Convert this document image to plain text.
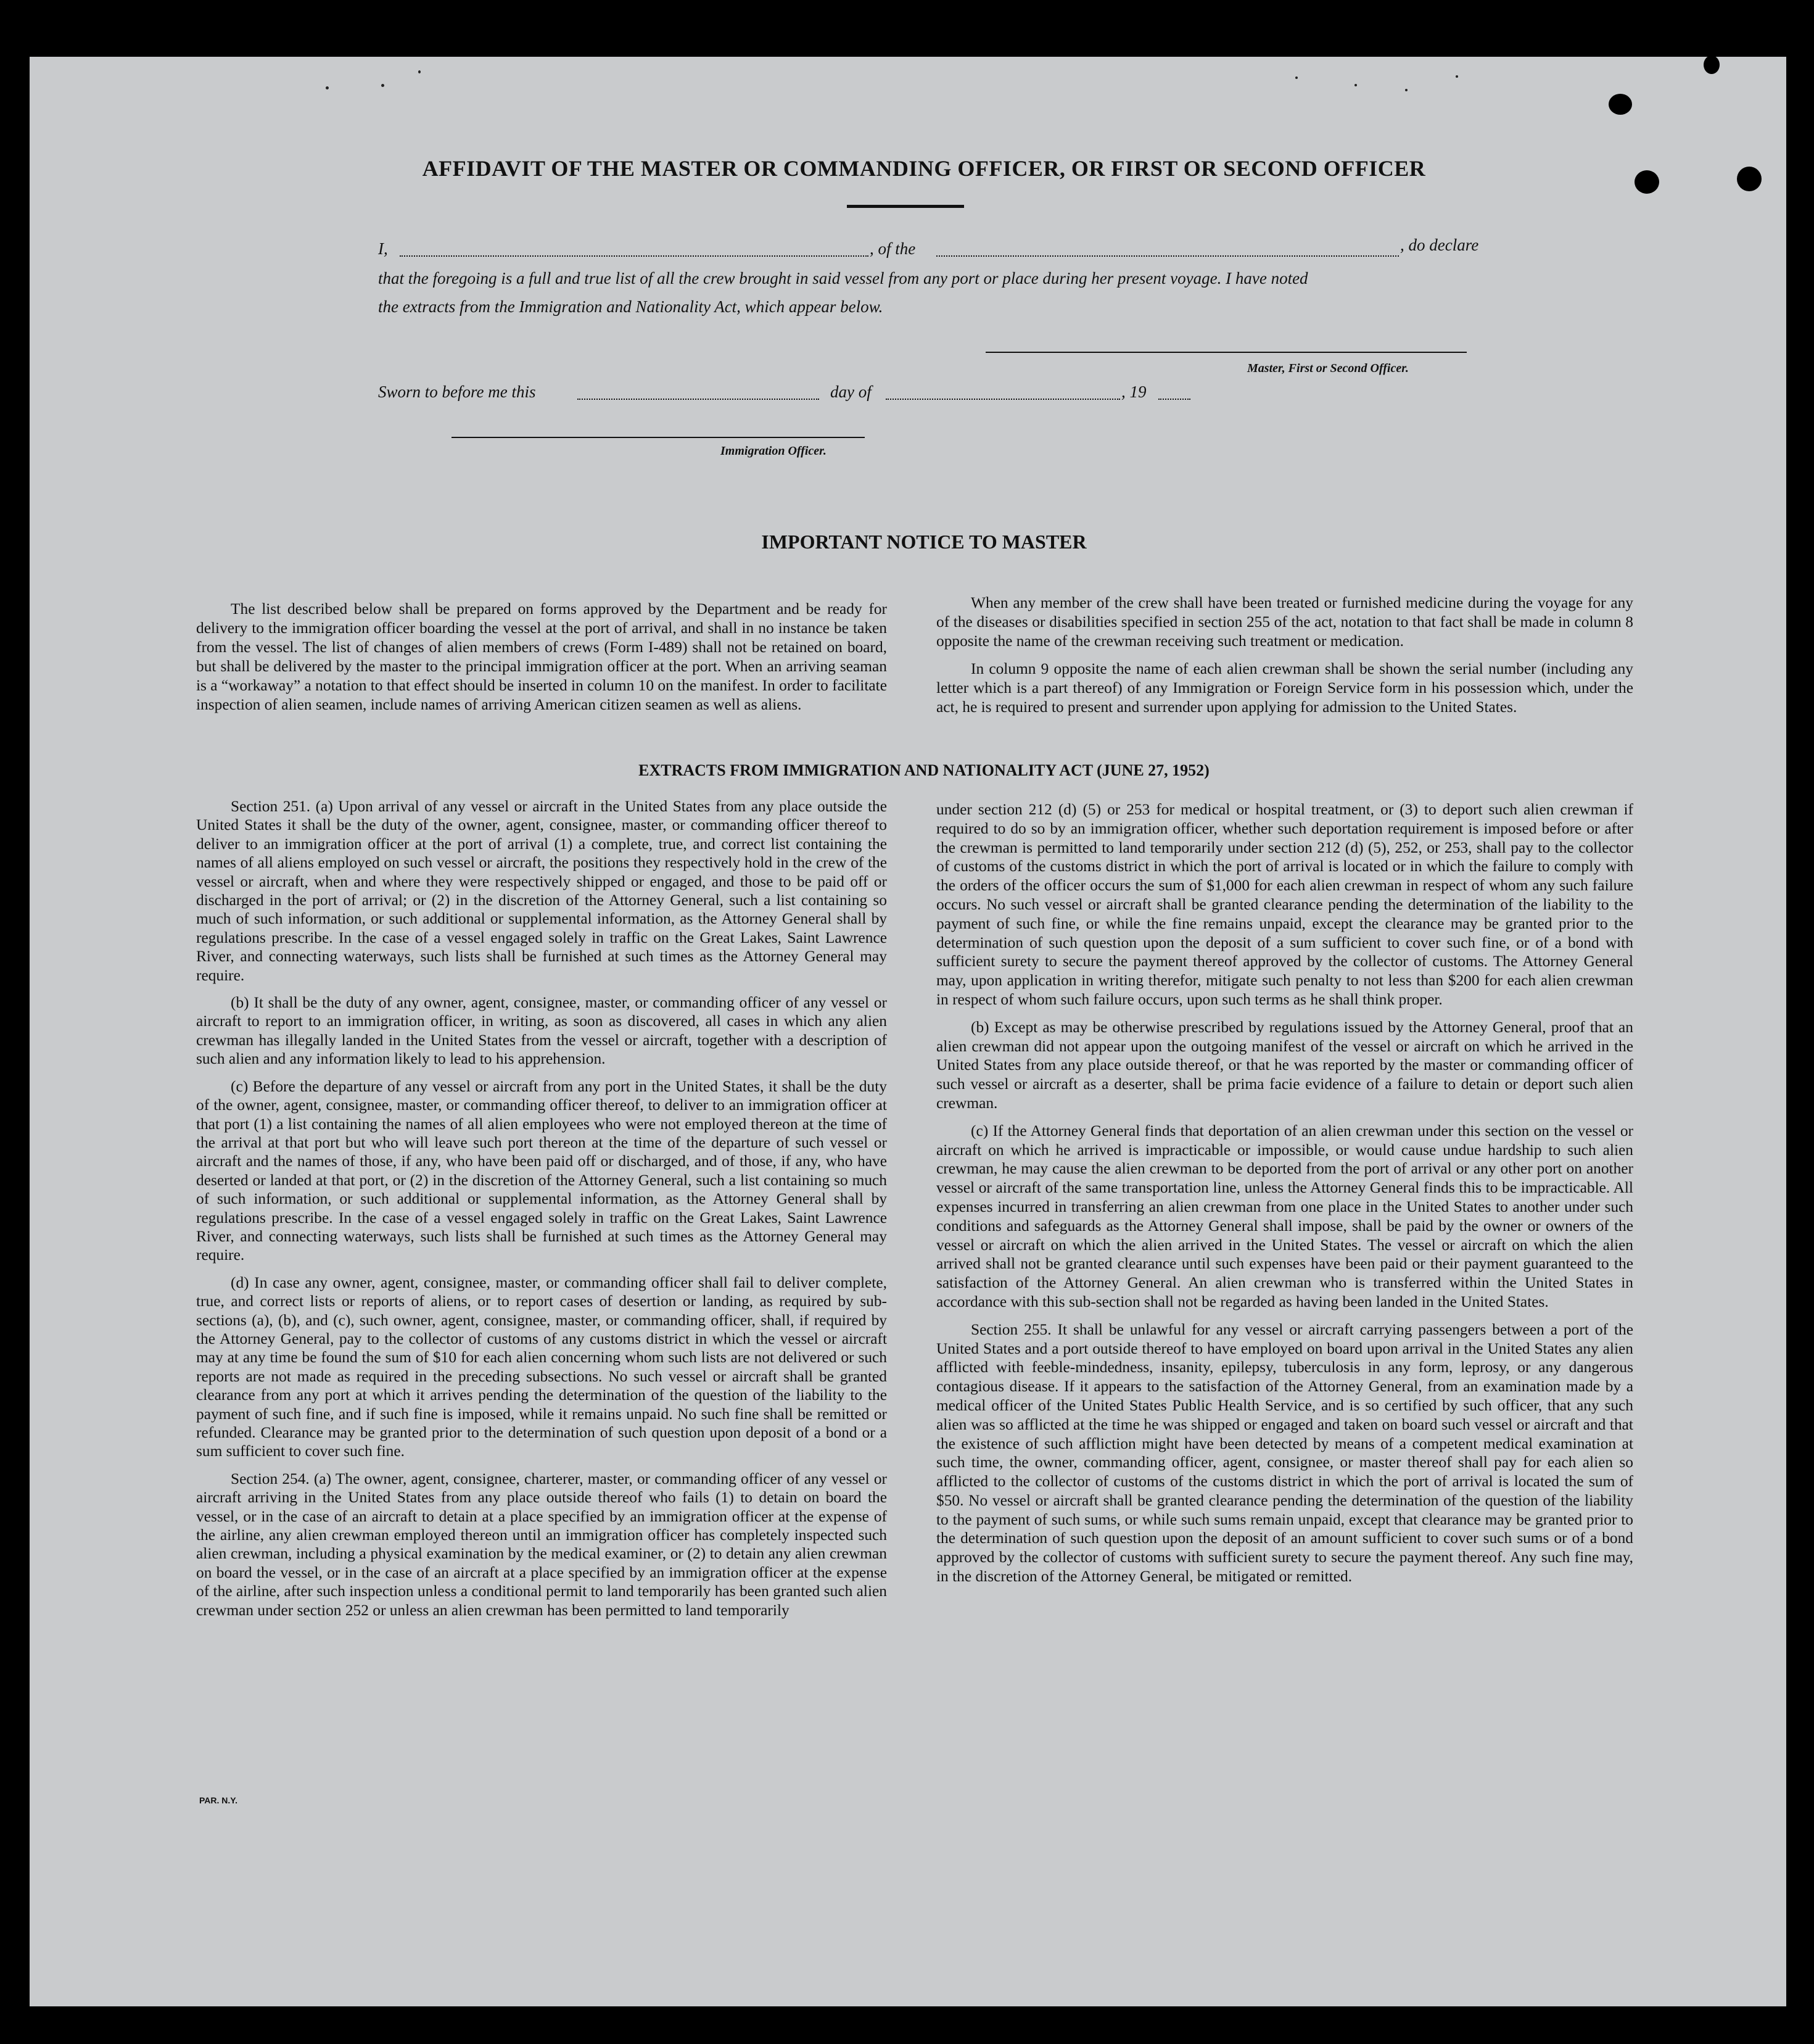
AFFIDAVIT OF THE MASTER OR COMMANDING OFFICER, OR FIRST OR SECOND OFFICER
I,	, of the	, do declare
that the foregoing is a full and true list of all the crew brought in said vessel from any port or place during her present voyage. I have noted
the extracts from the Immigration and Nationality Act, which appear below.
Master, First or Second Officer.
Sworn to before me this	day of	, 19
Immigration Officer.
IMPORTANT NOTICE TO MASTER

The list described below shall be prepared on forms approved by the Department and be ready for delivery to the immigration officer boarding the vessel at the port of arrival, and shall in no instance be taken from the vessel. The list of changes of alien members of crews (Form I-489) shall not be retained on board, but shall be delivered by the master to the principal immigration officer at the port. When an arriving seaman is a “workaway” a notation to that effect should be inserted in column 10 on the manifest. In order to facilitate inspection of alien seamen, include names of arriving American citizen seamen as well as aliens.

When any member of the crew shall have been treated or furnished medicine during the voyage for any of the diseases or disabilities specified in section 255 of the act, notation to that fact shall be made in column 8 opposite the name of the crewman receiving such treatment or medication.

In column 9 opposite the name of each alien crewman shall be shown the serial number (including any letter which is a part thereof) of any Immigration or Foreign Service form in his possession which, under the act, he is required to present and surrender upon applying for admission to the United States.

EXTRACTS FROM IMMIGRATION AND NATIONALITY ACT (JUNE 27, 1952)

Section 251. (a) Upon arrival of any vessel or aircraft in the United States from any place outside the United States it shall be the duty of the owner, agent, consignee, master, or commanding officer thereof to deliver to an immigration officer at the port of arrival (1) a complete, true, and correct list containing the names of all aliens employed on such vessel or aircraft, the positions they respectively hold in the crew of the vessel or aircraft, when and where they were respectively shipped or engaged, and those to be paid off or discharged in the port of arrival; or (2) in the discretion of the Attorney General, such a list containing so much of such information, or such additional or supplemental information, as the Attorney General shall by regulations prescribe. In the case of a vessel engaged solely in traffic on the Great Lakes, Saint Lawrence River, and connecting waterways, such lists shall be furnished at such times as the Attorney General may require.

(b) It shall be the duty of any owner, agent, consignee, master, or commanding officer of any vessel or aircraft to report to an immigration officer, in writing, as soon as discovered, all cases in which any alien crewman has illegally landed in the United States from the vessel or aircraft, together with a description of such alien and any information likely to lead to his apprehension.

(c) Before the departure of any vessel or aircraft from any port in the United States, it shall be the duty of the owner, agent, consignee, master, or commanding officer thereof, to deliver to an immigration officer at that port (1) a list containing the names of all alien employees who were not employed thereon at the time of the arrival at that port but who will leave such port thereon at the time of the departure of such vessel or aircraft and the names of those, if any, who have been paid off or discharged, and of those, if any, who have deserted or landed at that port, or (2) in the discretion of the Attorney General, such a list containing so much of such information, or such additional or supplemental information, as the Attorney General shall by regulations prescribe. In the case of a vessel engaged solely in traffic on the Great Lakes, Saint Lawrence River, and connecting waterways, such lists shall be furnished at such times as the Attorney General may require.

(d) In case any owner, agent, consignee, master, or commanding officer shall fail to deliver complete, true, and correct lists or reports of aliens, or to report cases of desertion or landing, as required by sub-sections (a), (b), and (c), such owner, agent, consignee, master, or commanding officer, shall, if required by the Attorney General, pay to the collector of customs of any customs district in which the vessel or aircraft may at any time be found the sum of $10 for each alien concerning whom such lists are not delivered or such reports are not made as required in the preceding subsections. No such vessel or aircraft shall be granted clearance from any port at which it arrives pending the determination of the question of the liability to the payment of such fine, and if such fine is imposed, while it remains unpaid. No such fine shall be remitted or refunded. Clearance may be granted prior to the determination of such question upon deposit of a bond or a sum sufficient to cover such fine.

Section 254. (a) The owner, agent, consignee, charterer, master, or commanding officer of any vessel or aircraft arriving in the United States from any place outside thereof who fails (1) to detain on board the vessel, or in the case of an aircraft to detain at a place specified by an immigration officer at the expense of the airline, any alien crewman employed thereon until an immigration officer has completely inspected such alien crewman, including a physical examination by the medical examiner, or (2) to detain any alien crewman on board the vessel, or in the case of an aircraft at a place specified by an immigration officer at the expense of the airline, after such inspection unless a conditional permit to land temporarily has been granted such alien crewman under section 252 or unless an alien crewman has been permitted to land temporarily

under section 212 (d) (5) or 253 for medical or hospital treatment, or (3) to deport such alien crewman if required to do so by an immigration officer, whether such deportation requirement is imposed before or after the crewman is permitted to land temporarily under section 212 (d) (5), 252, or 253, shall pay to the collector of customs of the customs district in which the port of arrival is located or in which the failure to comply with the orders of the officer occurs the sum of $1,000 for each alien crewman in respect of whom any such failure occurs. No such vessel or aircraft shall be granted clearance pending the determination of the liability to the payment of such fine, or while the fine remains unpaid, except the clearance may be granted prior to the determination of such question upon the deposit of a sum sufficient to cover such fine, or of a bond with sufficient surety to secure the payment thereof approved by the collector of customs. The Attorney General may, upon application in writing therefor, mitigate such penalty to not less than $200 for each alien crewman in respect of whom such failure occurs, upon such terms as he shall think proper.

(b) Except as may be otherwise prescribed by regulations issued by the Attorney General, proof that an alien crewman did not appear upon the outgoing manifest of the vessel or aircraft on which he arrived in the United States from any place outside thereof, or that he was reported by the master or commanding officer of such vessel or aircraft as a deserter, shall be prima facie evidence of a failure to detain or deport such alien crewman.

(c) If the Attorney General finds that deportation of an alien crewman under this section on the vessel or aircraft on which he arrived is impracticable or impossible, or would cause undue hardship to such alien crewman, he may cause the alien crewman to be deported from the port of arrival or any other port on another vessel or aircraft of the same transportation line, unless the Attorney General finds this to be impracticable. All expenses incurred in transferring an alien crewman from one place in the United States to another under such conditions and safeguards as the Attorney General shall impose, shall be paid by the owner or owners of the vessel or aircraft on which the alien arrived in the United States. The vessel or aircraft on which the alien arrived shall not be granted clearance until such expenses have been paid or their payment guaranteed to the satisfaction of the Attorney General. An alien crewman who is transferred within the United States in accordance with this sub-section shall not be regarded as having been landed in the United States.

Section 255. It shall be unlawful for any vessel or aircraft carrying passengers between a port of the United States and a port outside thereof to have employed on board upon arrival in the United States any alien afflicted with feeble-mindedness, insanity, epilepsy, tuberculosis in any form, leprosy, or any dangerous contagious disease. If it appears to the satisfaction of the Attorney General, from an examination made by a medical officer of the United States Public Health Service, and is so certified by such officer, that any such alien was so afflicted at the time he was shipped or engaged and taken on board such vessel or aircraft and that the existence of such affliction might have been detected by means of a competent medical examination at such time, the owner, commanding officer, agent, consignee, or master thereof shall pay for each alien so afflicted to the collector of customs of the customs district in which the port of arrival is located the sum of $50. No vessel or aircraft shall be granted clearance pending the determination of the question of the liability to the payment of such sums, or while such sums remain unpaid, except that clearance may be granted prior to the determination of such question upon the deposit of an amount sufficient to cover such sums or of a bond approved by the collector of customs with sufficient surety to secure the payment thereof. Any such fine may, in the discretion of the Attorney General, be mitigated or remitted.

PAR. N.Y.
